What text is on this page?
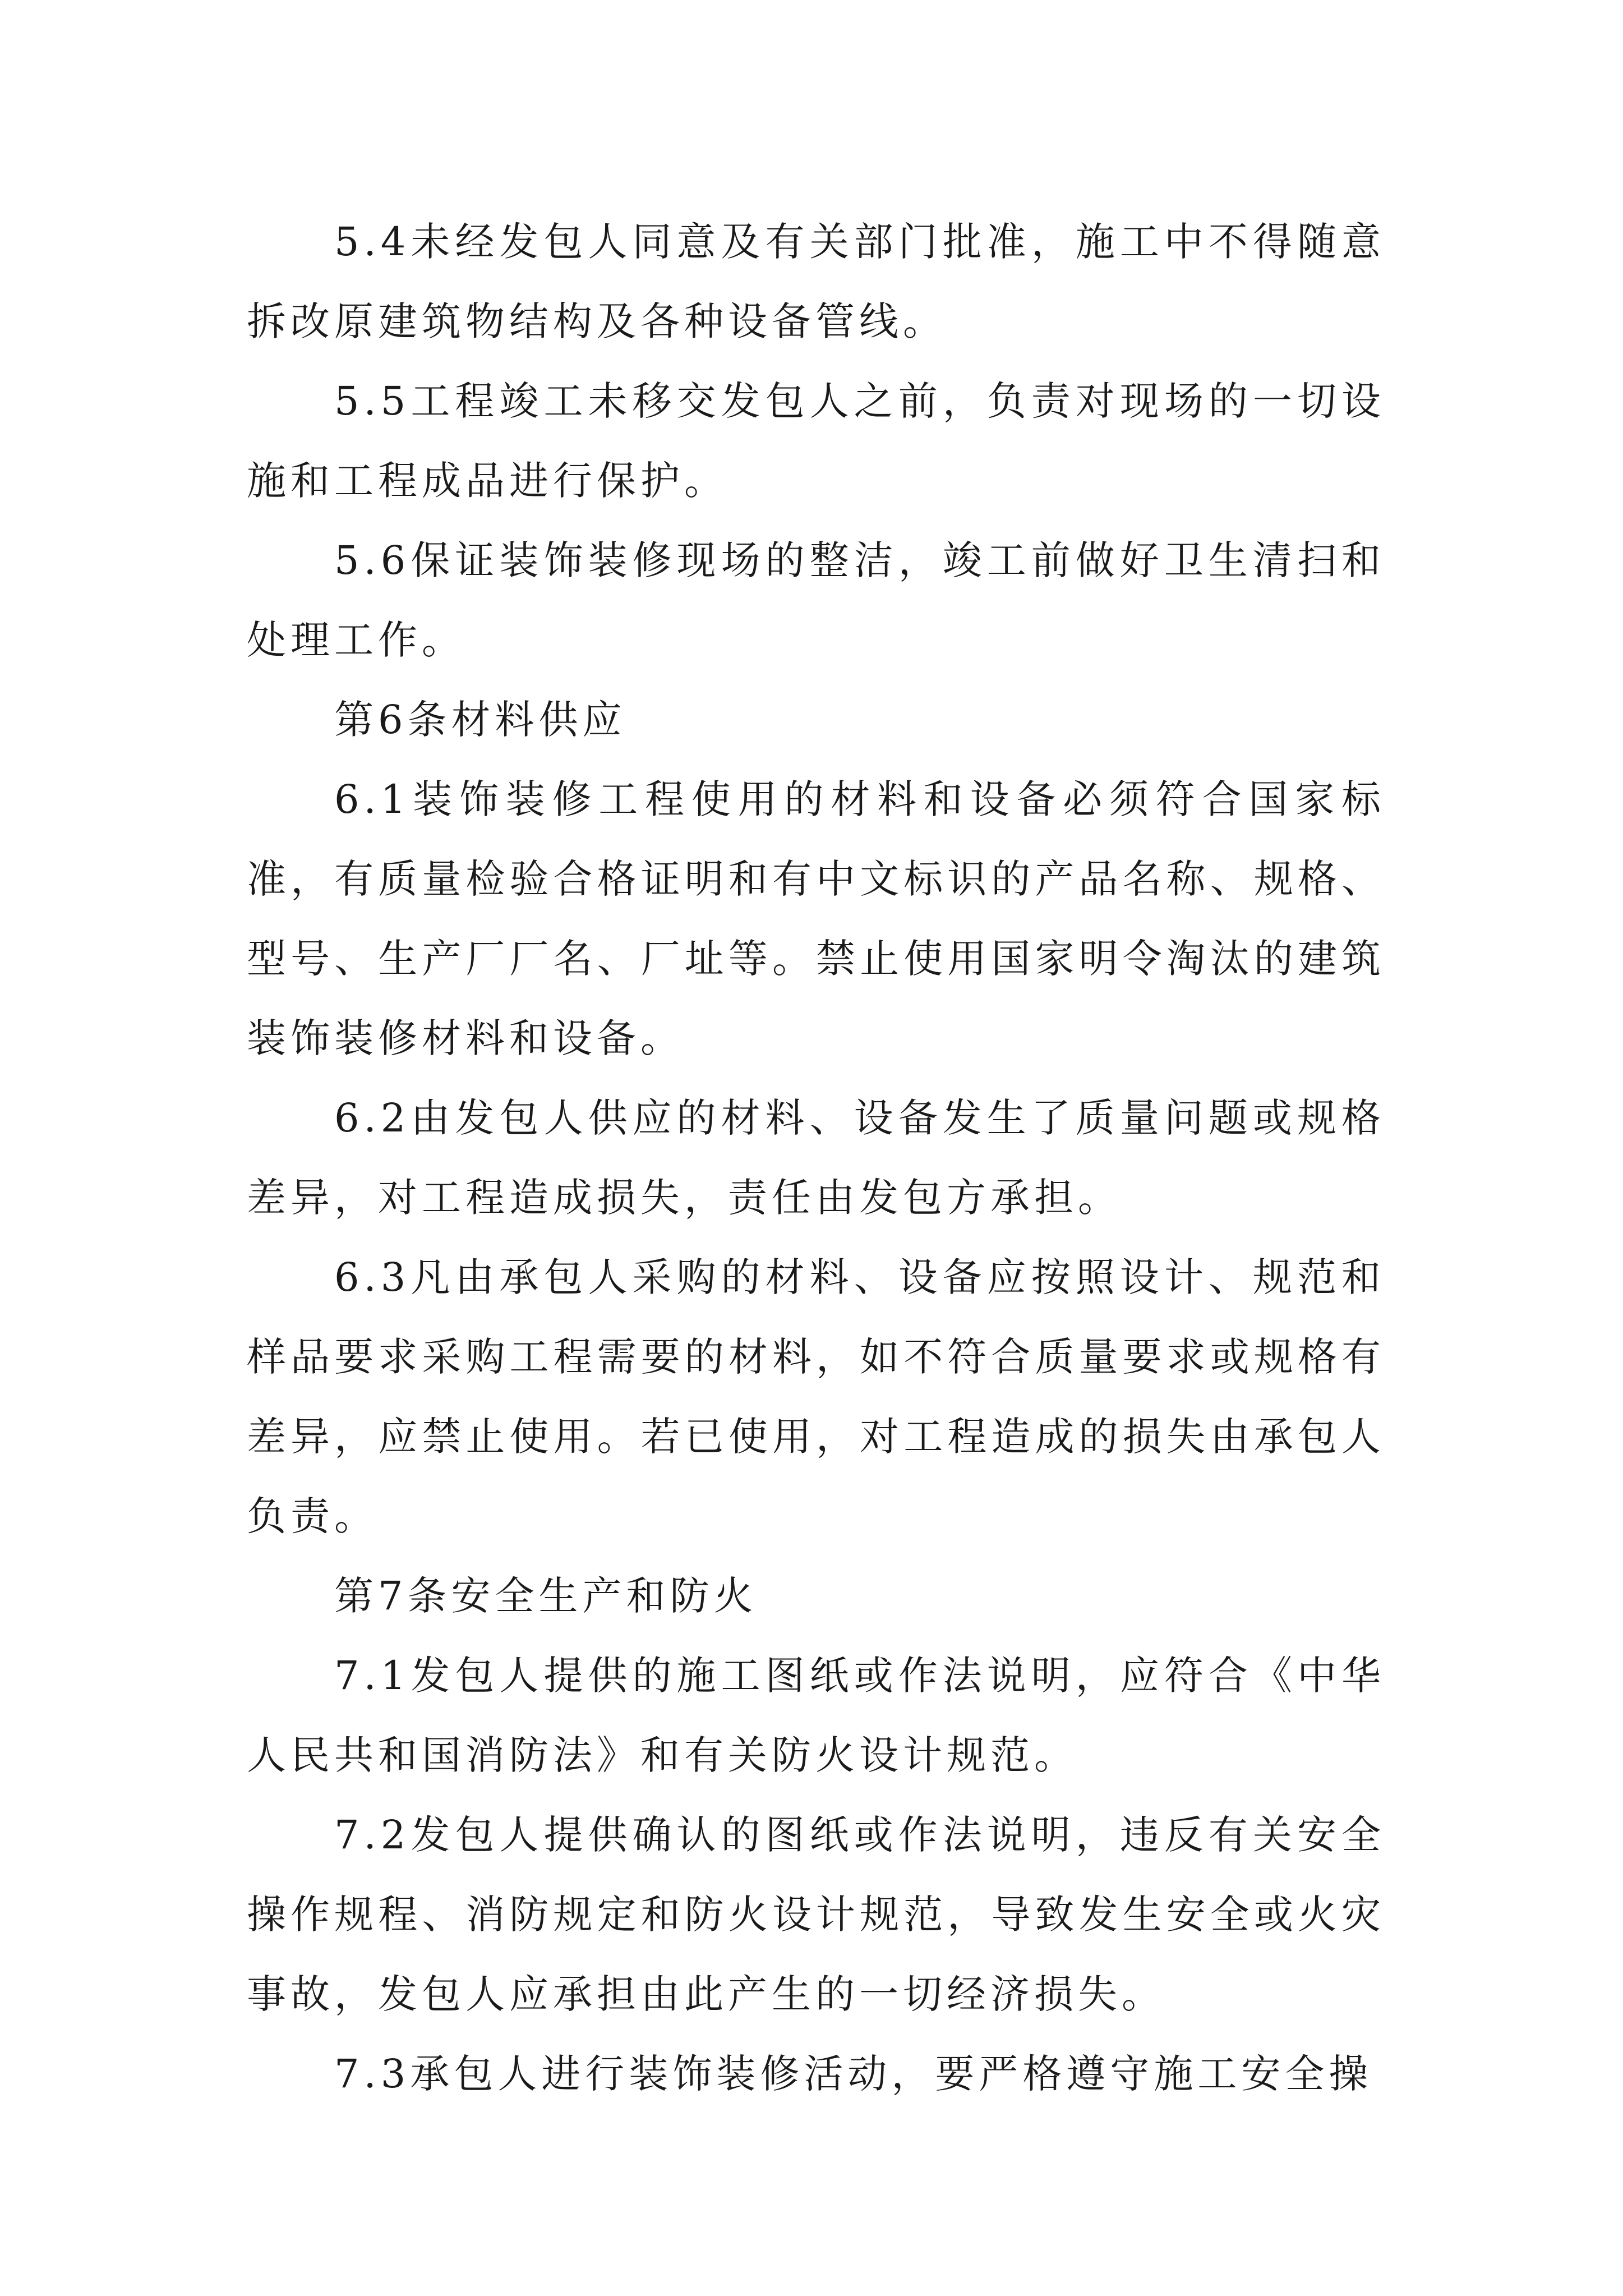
5.4未经发包人同意及有关部门批准，施工中不得随意拆改原建筑物结构及各种设备管线。

5.5工程竣工未移交发包人之前，负责对现场的一切设施和工程成品进行保护。

5.6保证装饰装修现场的整洁，竣工前做好卫生清扫和处理工作。

第6条材料供应

6.1装饰装修工程使用的材料和设备必须符合国家标准，有质量检验合格证明和有中文标识的产品名称、规格、型号、生产厂厂名、厂址等。禁止使用国家明令淘汰的建筑装饰装修材料和设备。

6.2由发包人供应的材料、设备发生了质量问题或规格差异，对工程造成损失，责任由发包方承担。

6.3凡由承包人采购的材料、设备应按照设计、规范和样品要求采购工程需要的材料，如不符合质量要求或规格有差异，应禁止使用。若已使用，对工程造成的损失由承包人负责。

第7条安全生产和防火

7.1发包人提供的施工图纸或作法说明，应符合《中华人民共和国消防法》和有关防火设计规范。

7.2发包人提供确认的图纸或作法说明，违反有关安全操作规程、消防规定和防火设计规范，导致发生安全或火灾事故，发包人应承担由此产生的一切经济损失。

7.3承包人进行装饰装修活动，要严格遵守施工安全操
